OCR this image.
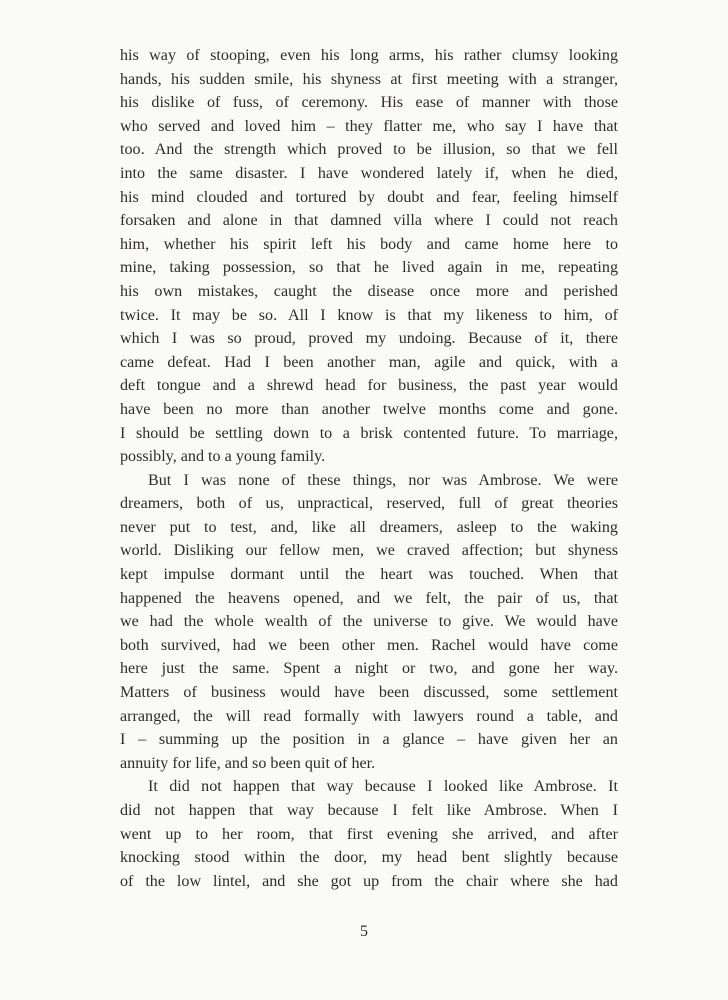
his way of stooping, even his long arms, his rather clumsy looking
hands, his sudden smile, his shyness at first meeting with a stranger,
his dislike of fuss, of ceremony. His ease of manner with those
who served and loved him – they flatter me, who say I have that
too. And the strength which proved to be illusion, so that we fell
into the same disaster. I have wondered lately if, when he died,
his mind clouded and tortured by doubt and fear, feeling himself
forsaken and alone in that damned villa where I could not reach
him, whether his spirit left his body and came home here to
mine, taking possession, so that he lived again in me, repeating
his own mistakes, caught the disease once more and perished
twice. It may be so. All I know is that my likeness to him, of
which I was so proud, proved my undoing. Because of it, there
came defeat. Had I been another man, agile and quick, with a
deft tongue and a shrewd head for business, the past year would
have been no more than another twelve months come and gone.
I should be settling down to a brisk contented future. To marriage,
possibly, and to a young family.
But I was none of these things, nor was Ambrose. We were
dreamers, both of us, unpractical, reserved, full of great theories
never put to test, and, like all dreamers, asleep to the waking
world. Disliking our fellow men, we craved affection; but shyness
kept impulse dormant until the heart was touched. When that
happened the heavens opened, and we felt, the pair of us, that
we had the whole wealth of the universe to give. We would have
both survived, had we been other men. Rachel would have come
here just the same. Spent a night or two, and gone her way.
Matters of business would have been discussed, some settlement
arranged, the will read formally with lawyers round a table, and
I – summing up the position in a glance – have given her an
annuity for life, and so been quit of her.
It did not happen that way because I looked like Ambrose. It
did not happen that way because I felt like Ambrose. When I
went up to her room, that first evening she arrived, and after
knocking stood within the door, my head bent slightly because
of the low lintel, and she got up from the chair where she had
5
